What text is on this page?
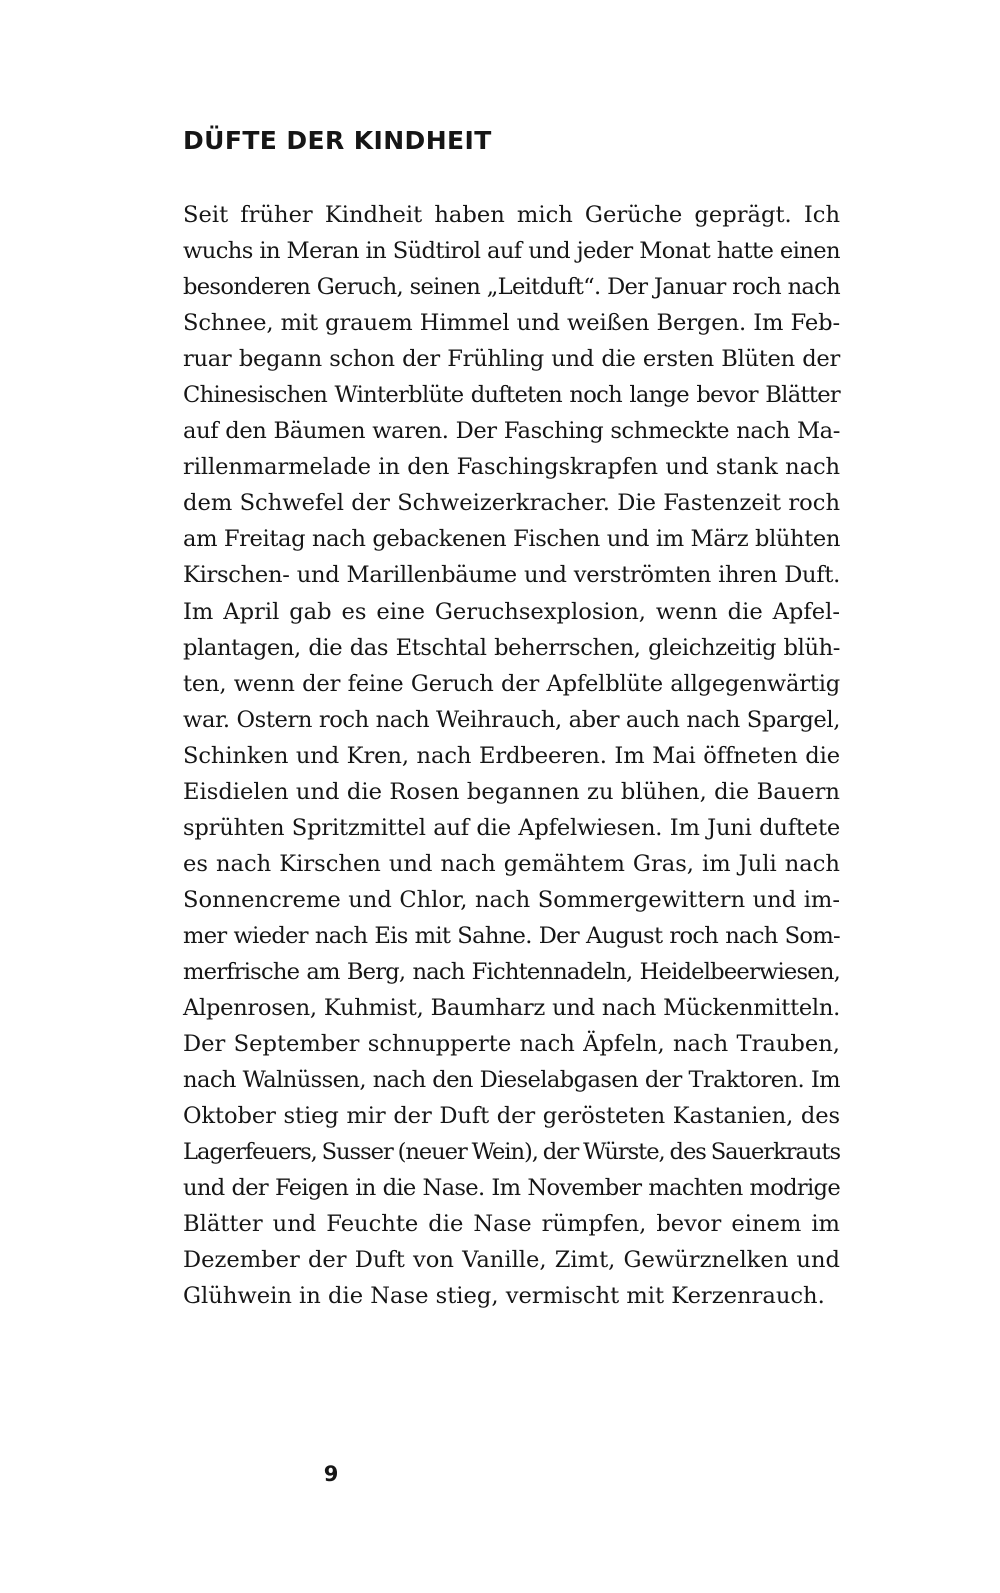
DÜFTE DER KINDHEIT
Seit früher Kindheit haben mich Gerüche geprägt. Ich
wuchs in Meran in Südtirol auf und jeder Monat hatte einen
besonderen Geruch, seinen „Leitduft“. Der Januar roch nach
Schnee, mit grauem Himmel und weißen Bergen. Im Feb-
ruar begann schon der Frühling und die ersten Blüten der
Chinesischen Winterblüte dufteten noch lange bevor Blätter
auf den Bäumen waren. Der Fasching schmeckte nach Ma-
rillenmarmelade in den Faschingskrapfen und stank nach
dem Schwefel der Schweizerkracher. Die Fastenzeit roch
am Freitag nach gebackenen Fischen und im März blühten
Kirschen- und Marillenbäume und verströmten ihren Duft.
Im April gab es eine Geruchsexplosion, wenn die Apfel-
plantagen, die das Etschtal beherrschen, gleichzeitig blüh-
ten, wenn der feine Geruch der Apfelblüte allgegenwärtig
war. Ostern roch nach Weihrauch, aber auch nach Spargel,
Schinken und Kren, nach Erdbeeren. Im Mai öffneten die
Eisdielen und die Rosen begannen zu blühen, die Bauern
sprühten Spritzmittel auf die Apfelwiesen. Im Juni duftete
es nach Kirschen und nach gemähtem Gras, im Juli nach
Sonnencreme und Chlor, nach Sommergewittern und im-
mer wieder nach Eis mit Sahne. Der August roch nach Som-
merfrische am Berg, nach Fichtennadeln, Heidelbeerwiesen,
Alpenrosen, Kuhmist, Baumharz und nach Mückenmitteln.
Der September schnupperte nach Äpfeln, nach Trauben,
nach Walnüssen, nach den Dieselabgasen der Traktoren. Im
Oktober stieg mir der Duft der gerösteten Kastanien, des
Lagerfeuers, Susser (neuer Wein), der Würste, des Sauerkrauts
und der Feigen in die Nase. Im November machten modrige
Blätter und Feuchte die Nase rümpfen, bevor einem im
Dezember der Duft von Vanille, Zimt, Gewürznelken und
Glühwein in die Nase stieg, vermischt mit Kerzenrauch.
9
